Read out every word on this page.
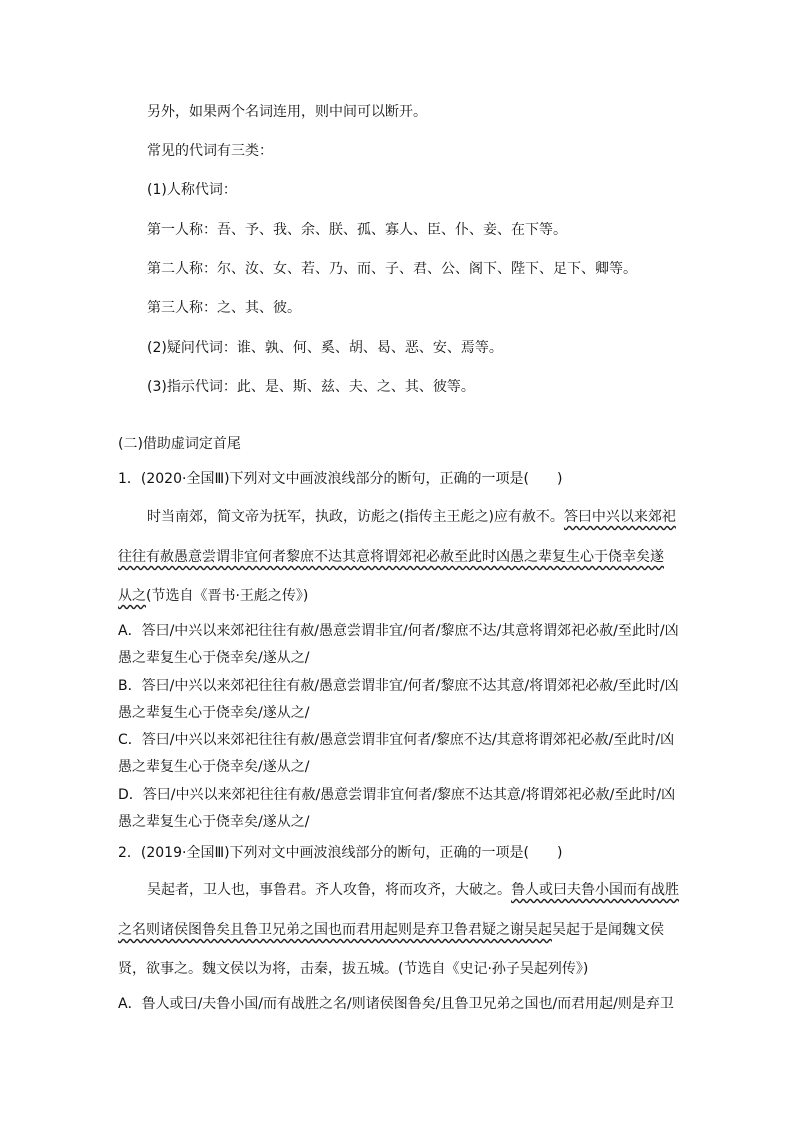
另外，如果两个名词连用，则中间可以断开。
常见的代词有三类：
(1)人称代词：
第一人称：吾、予、我、余、朕、孤、寡人、臣、仆、妾、在下等。
第二人称：尔、汝、女、若、乃、而、子、君、公、阁下、陛下、足下、卿等。
第三人称：之、其、彼。
(2)疑问代词：谁、孰、何、奚、胡、曷、恶、安、焉等。
(3)指示代词：此、是、斯、兹、夫、之、其、彼等。
(二)借助虚词定首尾
1．(2020·全国Ⅲ)下列对文中画波浪线部分的断句，正确的一项是(　　)
时当南郊，简文帝为抚军，执政，访彪之(指传主王彪之)应有赦不。答曰中兴以来郊祀
往往有赦愚意尝谓非宜何者黎庶不达其意将谓郊祀必赦至此时凶愚之辈复生心于侥幸矣遂
从之(节选自《晋书·王彪之传》)
A．答曰/中兴以来郊祀往往有赦/愚意尝谓非宜/何者/黎庶不达/其意将谓郊祀必赦/至此时/凶
愚之辈复生心于侥幸矣/遂从之/
B．答曰/中兴以来郊祀往往有赦/愚意尝谓非宜/何者/黎庶不达其意/将谓郊祀必赦/至此时/凶
愚之辈复生心于侥幸矣/遂从之/
C．答曰/中兴以来郊祀往往有赦/愚意尝谓非宜何者/黎庶不达/其意将谓郊祀必赦/至此时/凶
愚之辈复生心于侥幸矣/遂从之/
D．答曰/中兴以来郊祀往往有赦/愚意尝谓非宜何者/黎庶不达其意/将谓郊祀必赦/至此时/凶
愚之辈复生心于侥幸矣/遂从之/
2．(2019·全国Ⅲ)下列对文中画波浪线部分的断句，正确的一项是(　　)
吴起者，卫人也，事鲁君。齐人攻鲁，将而攻齐，大破之。鲁人或曰夫鲁小国而有战胜
之名则诸侯图鲁矣且鲁卫兄弟之国也而君用起则是弃卫鲁君疑之谢吴起吴起于是闻魏文侯
贤，欲事之。魏文侯以为将，击秦，拔五城。(节选自《史记·孙子吴起列传》)
A．鲁人或曰/夫鲁小国/而有战胜之名/则诸侯图鲁矣/且鲁卫兄弟之国也/而君用起/则是弃卫
